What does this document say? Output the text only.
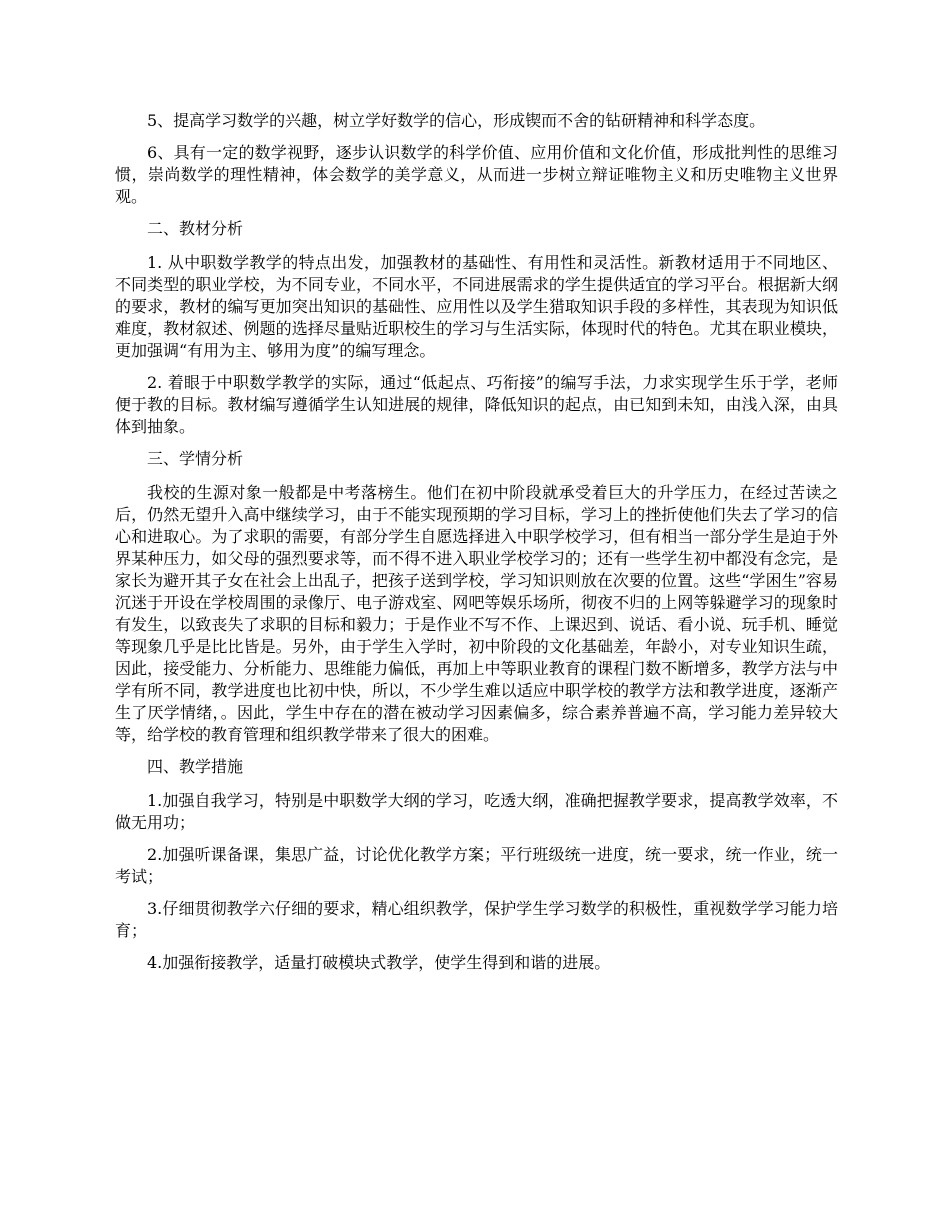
5、提高学习数学的兴趣，树立学好数学的信心，形成锲而不舍的钻研精神和科学态度。

6、具有一定的数学视野，逐步认识数学的科学价值、应用价值和文化价值，形成批判性的思维习惯，崇尚数学的理性精神，体会数学的美学意义，从而进一步树立辩证唯物主义和历史唯物主义世界观。

二、教材分析

1. 从中职数学教学的特点出发，加强教材的基础性、有用性和灵活性。新教材适用于不同地区、不同类型的职业学校，为不同专业，不同水平，不同进展需求的学生提供适宜的学习平台。根据新大纲的要求，教材的编写更加突出知识的基础性、应用性以及学生猎取知识手段的多样性，其表现为知识低难度，教材叙述、例题的选择尽量贴近职校生的学习与生活实际，体现时代的特色。尤其在职业模块，更加强调“有用为主、够用为度”的编写理念。

2. 着眼于中职数学教学的实际，通过“低起点、巧衔接”的编写手法，力求实现学生乐于学，老师便于教的目标。教材编写遵循学生认知进展的规律，降低知识的起点，由已知到未知，由浅入深，由具体到抽象。

三、学情分析

我校的生源对象一般都是中考落榜生。他们在初中阶段就承受着巨大的升学压力，在经过苦读之后，仍然无望升入高中继续学习，由于不能实现预期的学习目标，学习上的挫折使他们失去了学习的信心和进取心。为了求职的需要，有部分学生自愿选择进入中职学校学习，但有相当一部分学生是迫于外界某种压力，如父母的强烈要求等，而不得不进入职业学校学习的；还有一些学生初中都没有念完，是家长为避开其子女在社会上出乱子，把孩子送到学校，学习知识则放在次要的位置。这些“学困生”容易沉迷于开设在学校周围的录像厅、电子游戏室、网吧等娱乐场所，彻夜不归的上网等躲避学习的现象时有发生，以致丧失了求职的目标和毅力；于是作业不写不作、上课迟到、说话、看小说、玩手机、睡觉等现象几乎是比比皆是。另外，由于学生入学时，初中阶段的文化基础差，年龄小，对专业知识生疏，因此，接受能力、分析能力、思维能力偏低，再加上中等职业教育的课程门数不断增多，教学方法与中学有所不同，教学进度也比初中快，所以，不少学生难以适应中职学校的教学方法和教学进度，逐渐产生了厌学情绪，。因此，学生中存在的潜在被动学习因素偏多，综合素养普遍不高，学习能力差异较大等，给学校的教育管理和组织教学带来了很大的困难。

四、教学措施

1.加强自我学习，特别是中职数学大纲的学习，吃透大纲，准确把握教学要求，提高教学效率，不做无用功；

2.加强听课备课，集思广益，讨论优化教学方案；平行班级统一进度，统一要求，统一作业，统一考试；

3.仔细贯彻教学六仔细的要求，精心组织教学，保护学生学习数学的积极性，重视数学学习能力培育；

4.加强衔接教学，适量打破模块式教学，使学生得到和谐的进展。
